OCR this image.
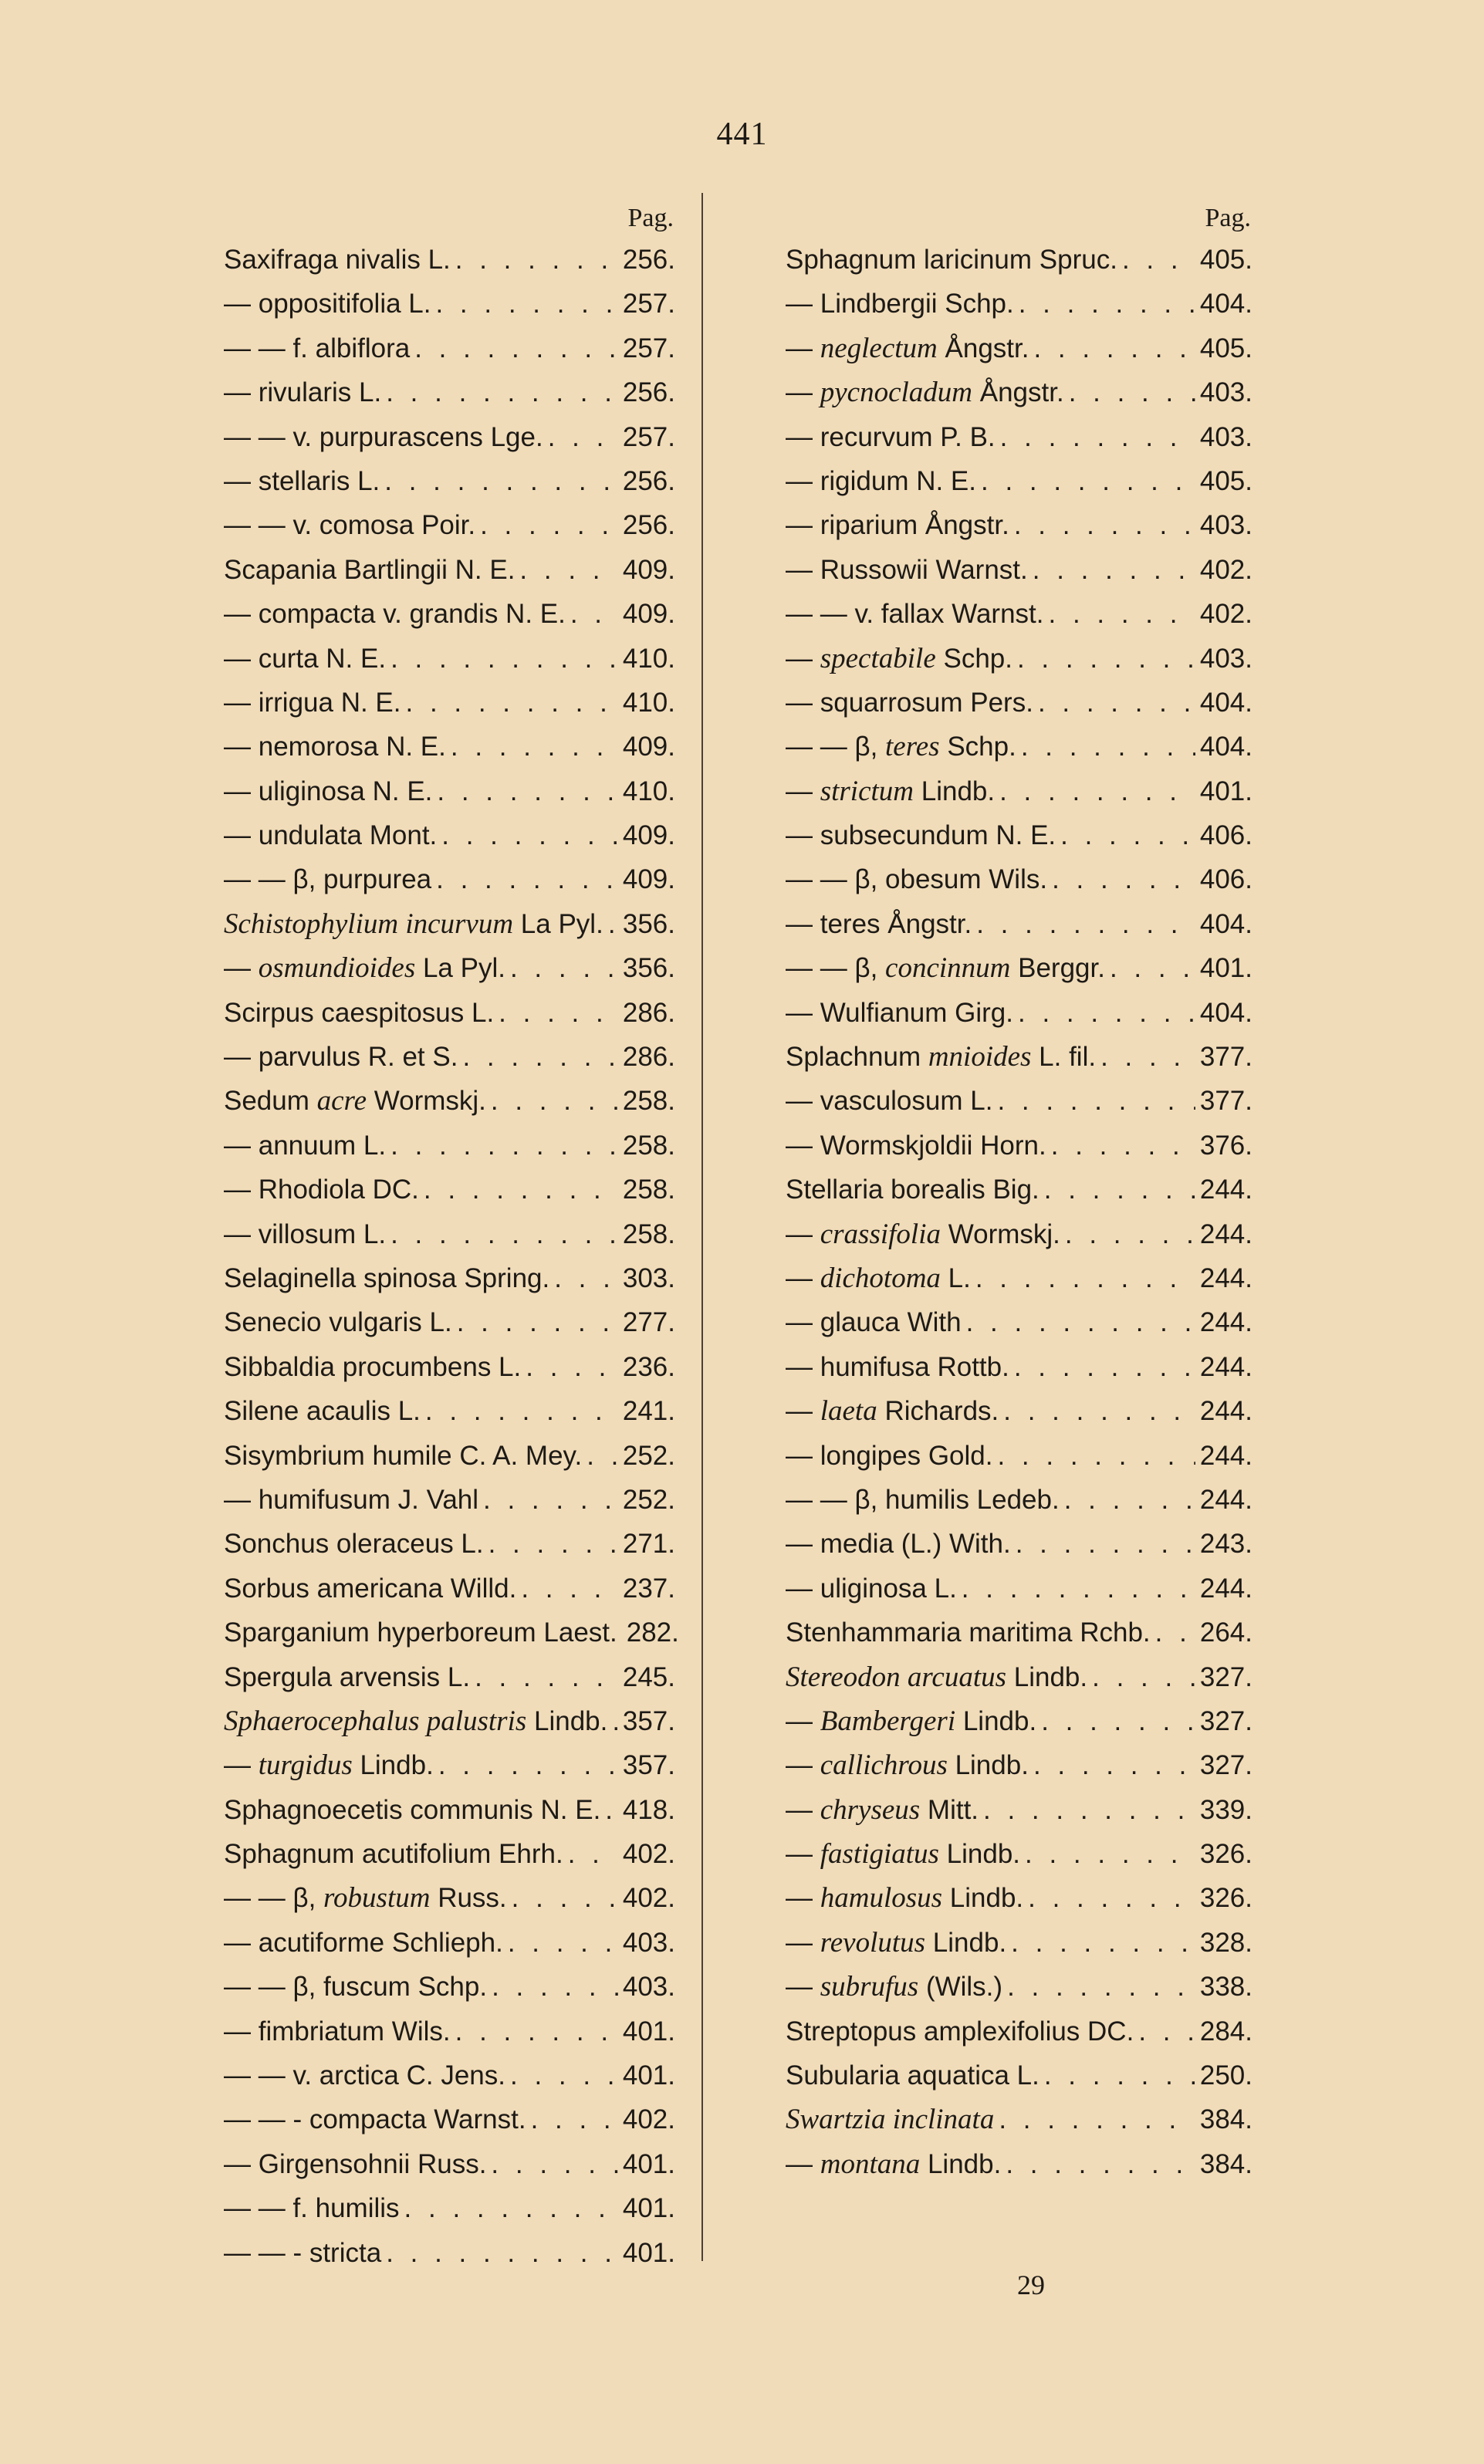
441
Pag.
Saxifraga nivalis L. . . .	256.
— oppositifolia L. . . .	257.
— — f. albiflora . . .	257.
— rivularis L. . . .	256.
— — v. purpurascens Lge. . . .	257.
— stellaris L. . . .	256.
— — v. comosa Poir. . . .	256.
Scapania Bartlingii N. E. . . .	409.
— compacta v. grandis N. E. . . . 409.
— curta N. E. . . .	410.
— irrigua N. E. . . .	410.
— nemorosa N. E. . . .	409.
— uliginosa N. E. . . .	410.
— undulata Mont. . . .	409.
— — β, purpurea . . .	409.
Schistophylium incurvum La Pyl. . . . 356.
— osmundioides La Pyl. . . .	356.
Scirpus caespitosus L. . . .	286.
— parvulus R. et S. . . .	286.
Sedum acre Wormskj. . . .	258.
— annuum L. . . .	258.
— Rhodiola DC. . . .	258.
— villosum L. . . .	258.
Selaginella spinosa Spring. . . .	303.
Senecio vulgaris L. . . .	277.
Sibbaldia procumbens L. . . .	236.
Silene acaulis L. . . .	241.
Sisymbrium humile C. A. Mey. . . . 252.
— humifusum J. Vahl . . .	252.
Sonchus oleraceus L. . . .	271.
Sorbus americana Willd. . . .	237.
Sparganium hyperboreum Laest. 282.
Spergula arvensis L. . . .	245.
Sphaerocephalus palustris Lindb. . . . 357.
— turgidus Lindb. . . .	357.
Sphagnoecetis communis N. E. . . . 418.
Sphagnum acutifolium Ehrh. . . . 402.
— — β, robustum Russ. . . .	402.
— acutiforme Schlieph. . . .	403.
— — β, fuscum Schp. . . .	403.
— fimbriatum Wils. . . .	401.
— — v. arctica C. Jens. . . .	401.
— — - compacta Warnst. . . .	402.
— Girgensohnii Russ. . . .	401.
— — f. humilis . . .	401.
— — - stricta . . .	401.
Pag.
Sphagnum laricinum Spruc. . . .	405.
— Lindbergii Schp. . . .	404.
— neglectum Ångstr. . . .	405.
— pycnocladum Ångstr. . . .	403.
— recurvum P. B. . . .	403.
— rigidum N. E. . . .	405.
— riparium Ångstr. . . .	403.
— Russowii Warnst. . . .	402.
— — v. fallax Warnst. . . .	402.
— spectabile Schp. . . .	403.
— squarrosum Pers. . . .	404.
— — β, teres Schp. . . .	404.
— strictum Lindb. . . .	401.
— subsecundum N. E. . . .	406.
— — β, obesum Wils. . . .	406.
— teres Ångstr. . . .	404.
— — β, concinnum Berggr. . . .	401.
— Wulfianum Girg. . . .	404.
Splachnum mnioides L. fil. . . .	377.
— vasculosum L. . . .	377.
— Wormskjoldii Horn. . . .	376.
Stellaria borealis Big. . . .	244.
— crassifolia Wormskj. . . .	244.
— dichotoma L. . . .	244.
— glauca With . . .	244.
— humifusa Rottb. . . .	244.
— laeta Richards. . . .	244.
— longipes Gold. . . .	244.
— — β, humilis Ledeb. . . .	244.
— media (L.) With. . . .	243.
— uliginosa L. . . .	244.
Stenhammaria maritima Rchb. . . . 264.
Stereodon arcuatus Lindb. . . .	327.
— Bambergeri Lindb. . . .	327.
— callichrous Lindb. . . .	327.
— chryseus Mitt. . . .	339.
— fastigiatus Lindb. . . .	326.
— hamulosus Lindb. . . .	326.
— revolutus Lindb. . . .	328.
— subrufus (Wils.) . . .	338.
Streptopus amplexifolius DC. . . . 284.
Subularia aquatica L. . . .	250.
Swartzia inclinata . . .	384.
— montana Lindb. . . .	384.
29
